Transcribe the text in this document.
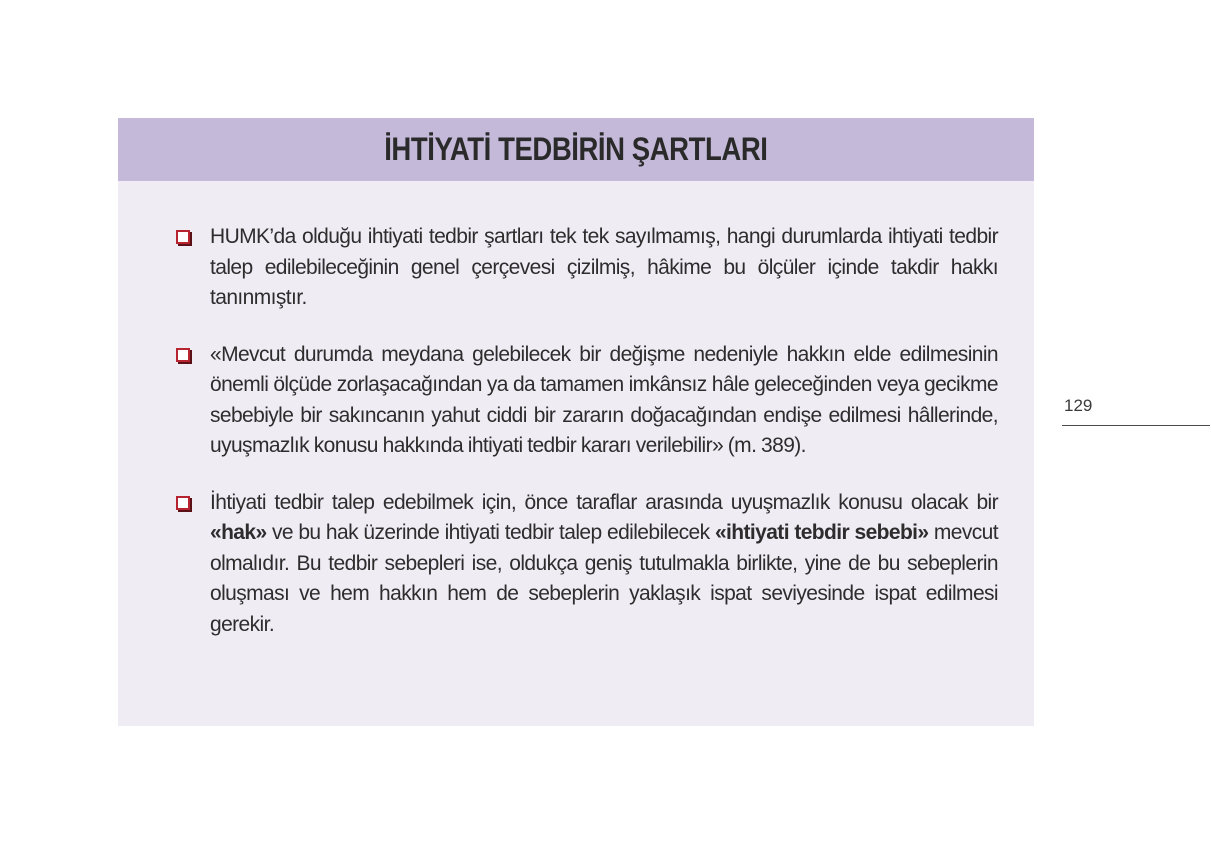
İHTİYATİ TEDBİRİN ŞARTLARI
HUMK’da olduğu ihtiyati tedbir şartları tek tek sayılmamış, hangi durumlarda ihtiyati tedbir talep edilebileceğinin genel çerçevesi çizilmiş, hâkime bu ölçüler içinde takdir hakkı tanınmıştır.
«Mevcut durumda meydana gelebilecek bir değişme nedeniyle hakkın elde edilmesinin önemli ölçüde zorlaşacağından ya da tamamen imkânsız hâle geleceğinden veya gecikme sebebiyle bir sakıncanın yahut ciddi bir zararın doğacağından endişe edilmesi hâllerinde, uyuşmazlık konusu hakkında ihtiyati tedbir kararı verilebilir» (m. 389).
İhtiyati tedbir talep edebilmek için, önce taraflar arasında uyuşmazlık konusu olacak bir «hak» ve bu hak üzerinde ihtiyati tedbir talep edilebilecek «ihtiyati tebdir sebebi» mevcut olmalıdır. Bu tedbir sebepleri ise, oldukça geniş tutulmakla birlikte, yine de bu sebeplerin oluşması ve hem hakkın hem de sebeplerin yaklaşık ispat seviyesinde ispat edilmesi gerekir.
129
